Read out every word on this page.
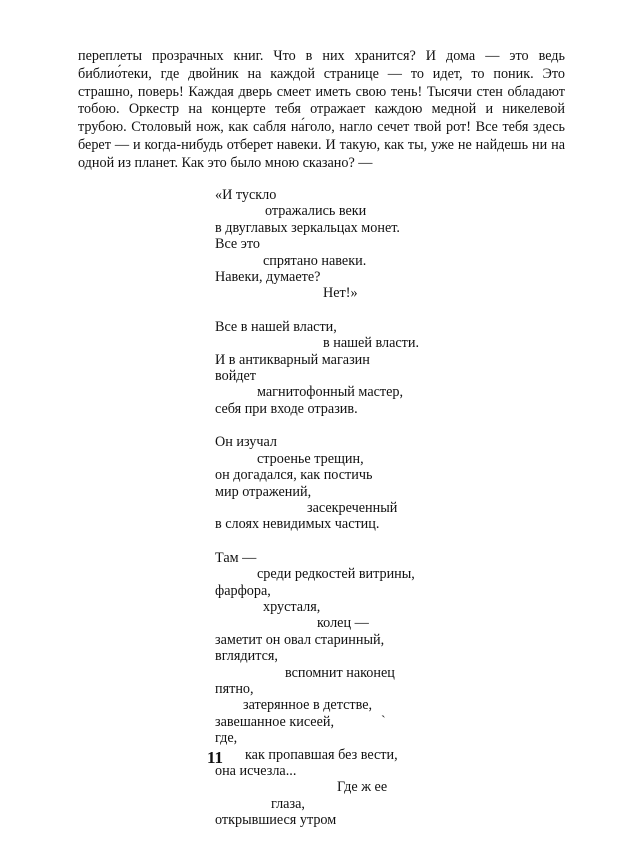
переплеты прозрачных книг. Что в них хранится? И дома — это ведь библио́теки, где двойник на каждой странице — то идет, то поник. Это страшно, поверь! Каждая дверь смеет иметь свою тень! Тысячи стен обладают тобою. Оркестр на концерте тебя отражает каждою медной и никелевой трубою. Столовый нож, как сабля на́голо, нагло сечет твой рот! Все тебя здесь берет — и когда-нибудь отберет навеки. И такую, как ты, уже не найдешь ни на одной из планет. Как это было мною сказано? —
«И тускло
отражались веки
в двуглавых зеркальцах монет.
Все это
спрятано навеки.
Навеки, думаете?
Нет!»
Все в нашей власти,
в нашей власти.
И в антикварный магазин
войдет
магнитофонный мастер,
себя при входе отразив.
Он изучал
строенье трещин,
он догадался, как постичь
мир отражений,
засекреченный
в слоях невидимых частиц.
Там —
среди редкостей витрины,
фарфора,
хрусталя,
колец —
заметит он овал старинный,
вглядится,
вспомнит наконец
пятно,
затерянное в детстве,
завешанное кисеей,
где,
как пропавшая без вести,
она исчезла...
Где ж ее
глаза,
открывшиеся утром
ˋ
11
